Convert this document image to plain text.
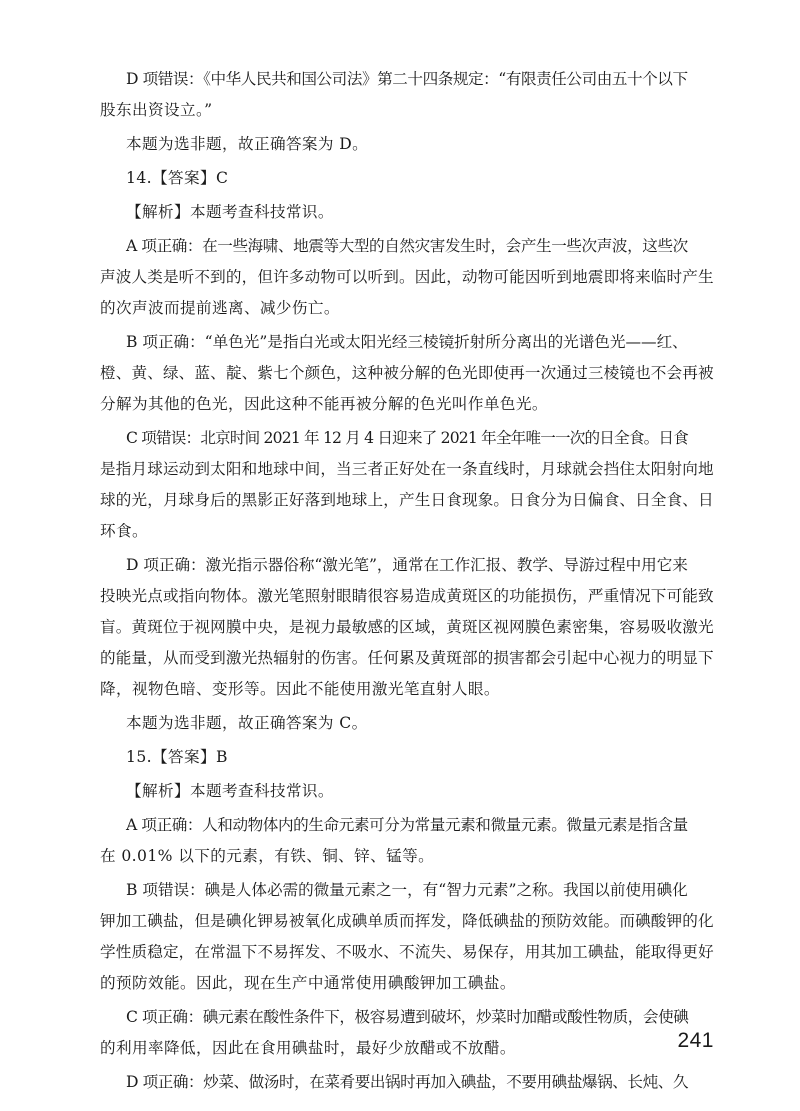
D 项错误：《中华人民共和国公司法》第二十四条规定：“有限责任公司由五十个以下
股东出资设立。”
本题为选非题，故正确答案为 D。
14.【答案】C
【解析】本题考查科技常识。
A 项正确：在一些海啸、地震等大型的自然灾害发生时，会产生一些次声波，这些次
声波人类是听不到的，但许多动物可以听到。因此，动物可能因听到地震即将来临时产生
的次声波而提前逃离、减少伤亡。
B 项正确：“单色光”是指白光或太阳光经三棱镜折射所分离出的光谱色光——红、
橙、黄、绿、蓝、靛、紫七个颜色，这种被分解的色光即使再一次通过三棱镜也不会再被
分解为其他的色光，因此这种不能再被分解的色光叫作单色光。
C 项错误：北京时间 2021 年 12 月 4 日迎来了 2021 年全年唯一一次的日全食。日食
是指月球运动到太阳和地球中间，当三者正好处在一条直线时，月球就会挡住太阳射向地
球的光，月球身后的黑影正好落到地球上，产生日食现象。日食分为日偏食、日全食、日
环食。
D 项正确：激光指示器俗称“激光笔”，通常在工作汇报、教学、导游过程中用它来
投映光点或指向物体。激光笔照射眼睛很容易造成黄斑区的功能损伤，严重情况下可能致
盲。黄斑位于视网膜中央，是视力最敏感的区域，黄斑区视网膜色素密集，容易吸收激光
的能量，从而受到激光热辐射的伤害。任何累及黄斑部的损害都会引起中心视力的明显下
降，视物色暗、变形等。因此不能使用激光笔直射人眼。
本题为选非题，故正确答案为 C。
15.【答案】B
【解析】本题考查科技常识。
A 项正确：人和动物体内的生命元素可分为常量元素和微量元素。微量元素是指含量
在 0.01% 以下的元素，有铁、铜、锌、锰等。
B 项错误：碘是人体必需的微量元素之一，有“智力元素”之称。我国以前使用碘化
钾加工碘盐，但是碘化钾易被氧化成碘单质而挥发，降低碘盐的预防效能。而碘酸钾的化
学性质稳定，在常温下不易挥发、不吸水、不流失、易保存，用其加工碘盐，能取得更好
的预防效能。因此，现在生产中通常使用碘酸钾加工碘盐。
C 项正确：碘元素在酸性条件下，极容易遭到破坏，炒菜时加醋或酸性物质，会使碘
的利用率降低，因此在食用碘盐时，最好少放醋或不放醋。
D 项正确：炒菜、做汤时，在菜肴要出锅时再加入碘盐，不要用碘盐爆锅、长炖、久
241
